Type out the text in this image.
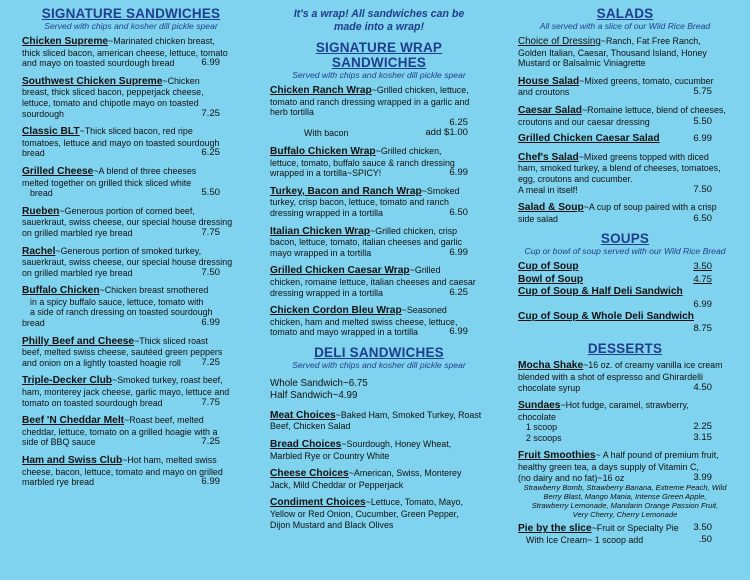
SIGNATURE SANDWICHES
Served with chips and kosher dill pickle spear
Chicken Supreme~Marinated chicken breast,
thick sliced bacon, american cheese, lettuce, tomato
and mayo on toasted sourdough bread	6.99
Southwest Chicken Supreme~Chicken
breast, thick sliced bacon, pepperjack cheese,
lettuce, tomato and chipotle mayo on toasted
sourdough	7.25
Classic BLT~Thick sliced bacon, red ripe
tomatoes, lettuce and mayo on toasted sourdough
bread	6.25
Grilled Cheese~A blend of three cheeses
melted together on grilled thick sliced white
bread	5.50
Rueben~Generous portion of corned beef,
sauerkraut, swiss cheese, our special house dressing
on grilled marbled rye bread	7.75
Rachel~Generous portion of smoked turkey,
sauerkraut, swiss cheese, our special house dressing
on grilled marbled rye bread	7.50
Buffalo Chicken~Chicken breast smothered
in a spicy buffalo sauce, lettuce, tomato with
a side of ranch dressing on toasted sourdough
bread	6.99
Philly Beef and Cheese~Thick sliced roast
beef, melted swiss cheese, sautéed green peppers
and onion on a lightly toasted hoagie roll 7.25
Triple-Decker Club~Smoked turkey, roast beef,
ham, monterey jack cheese, garlic mayo, lettuce and
tomato on toasted sourdough bread	7.75
Beef 'N Cheddar Melt~Roast beef, melted
cheddar, lettuce, tomato on a grilled hoagie with a
side of BBQ sauce	7.25
Ham and Swiss Club~Hot ham, melted swiss
cheese, bacon, lettuce, tomato and mayo on grilled
marbled rye bread	6.99
It's a wrap! All sandwiches can be
made into a wrap!
SIGNATURE WRAP SANDWICHES
Served with chips and kosher dill pickle spear
Chicken Ranch Wrap~Grilled chicken, lettuce,
tomato and ranch dressing wrapped in a garlic and
herb tortilla
6.25
With bacon	add $1.00
Buffalo Chicken Wrap~Grilled chicken,
lettuce, tomato, buffalo sauce & ranch dressing
wrapped in a tortilla~SPICY!	6.99
Turkey, Bacon and Ranch Wrap~Smoked
turkey, crisp bacon, lettuce, tomato and ranch
dressing wrapped in a tortilla	6.50
Italian Chicken Wrap~Grilled chicken, crisp
bacon, lettuce, tomato, italian cheeses and garlic
mayo wrapped in a tortilla	6.99
Grilled Chicken Caesar Wrap~Grilled
chicken, romaine lettuce, italian cheeses and caesar
dressing wrapped in a tortilla	6.25
Chicken Cordon Bleu Wrap~Seasoned
chicken, ham and melted swiss cheese, lettuce,
tomato and mayo wrapped in a tortilla	6.99
DELI SANDWICHES
Served with chips and kosher dill pickle spear
Whole Sandwich~6.75
Half Sandwich~4.99
Meat Choices~Baked Ham, Smoked Turkey, Roast
Beef, Chicken Salad
Bread Choices~Sourdough, Honey Wheat,
Marbled Rye or Country White
Cheese Choices~American, Swiss, Monterey
Jack, Mild Cheddar or Pepperjack
Condiment Choices~Lettuce, Tomato, Mayo,
Yellow or Red Onion, Cucumber, Green Pepper,
Dijon Mustard and Black Olives
SALADS
All served with a slice of our Wild Rice Bread
Choice of Dressing~Ranch, Fat Free Ranch,
Golden Italian, Caesar, Thousand Island, Honey
Mustard or Balsalmic Viniagrette
House Salad~Mixed greens, tomato, cucumber
and croutons	5.75
Caesar Salad~Romaine lettuce, blend of cheeses,
croutons and our caesar dressing	5.50
Grilled Chicken Caesar Salad	6.99
Chef's Salad~Mixed greens topped with diced
ham, smoked turkey, a blend of cheeses, tomatoes,
egg, croutons and cucumber.
A meal in itself!	7.50
Salad & Soup~A cup of soup paired with a crisp
side salad	6.50
SOUPS
Cup or bowl of soup served with our Wild Rice Bread
Cup of Soup	3.50
Bowl of Soup	4.75
Cup of Soup & Half Deli Sandwich
6.99
Cup of Soup & Whole Deli Sandwich
8.75
DESSERTS
Mocha Shake~16 oz. of creamy vanilla ice cream
blended with a shot of espresso and Ghirardelli
chocolate syrup	4.50
Sundaes~Hot fudge, caramel, strawberry,
chocolate
1 scoop	2.25
2 scoops	3.15
Fruit Smoothies~ A half pound of premium fruit,
healthy green tea, a days supply of Vitamin C,
(no dairy and no fat)~16 oz	3.99
Strawberry Bomb, Strawberry Banana, Extreme Peach, Wild
Berry Blast, Mango Mania, Intense Green Apple,
Strawberry Lemonade, Mandarin Orange Passion Fruit,
Very Cherry, Cherry Lemonade
Pie by the slice~Fruit or Specialty Pie 3.50
With Ice Cream~ 1 scoop add	.50
